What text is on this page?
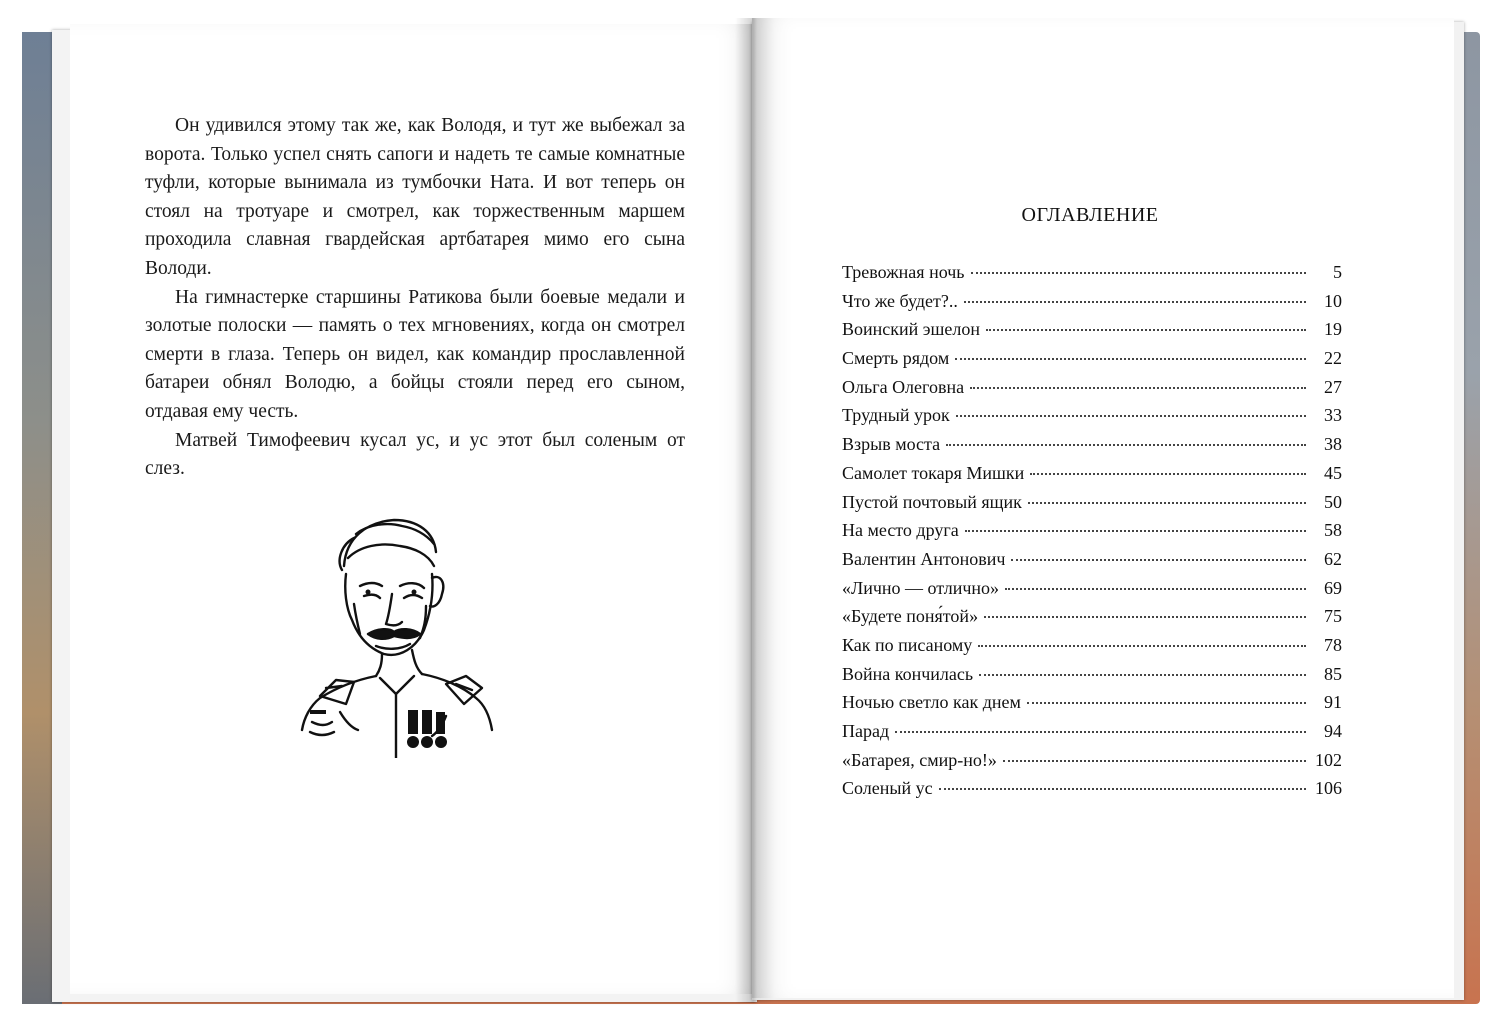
Он удивился этому так же, как Володя, и тут же выбежал за ворота. Только успел снять сапоги и надеть те самые комнатные туфли, которые вынимала из тумбочки Ната. И вот теперь он стоял на тротуаре и смотрел, как торжественным маршем проходила славная гвардейская артбатарея мимо его сына Володи.

На гимнастерке старшины Ратикова были боевые медали и золотые полоски — память о тех мгновениях, когда он смотрел смерти в глаза. Теперь он видел, как командир прославленной батареи обнял Володю, а бойцы стояли перед его сыном, отдавая ему честь.

Матвей Тимофеевич кусал ус, и ус этот был соленым от слез.

ОГЛАВЛЕНИЕ
Тревожная ночь	5
Что же будет?..	10
Воинский эшелон	19
Смерть рядом	22
Ольга Олеговна	27
Трудный урок	33
Взрыв моста	38
Самолет токаря Мишки	45
Пустой почтовый ящик	50
На место друга	58
Валентин Антонович	62
«Лично — отлично»	69
«Будете поня́той»	75
Как по писаному	78
Война кончилась	85
Ночью светло как днем	91
Парад	94
«Батарея, смир-но!»	102
Соленый ус	106
